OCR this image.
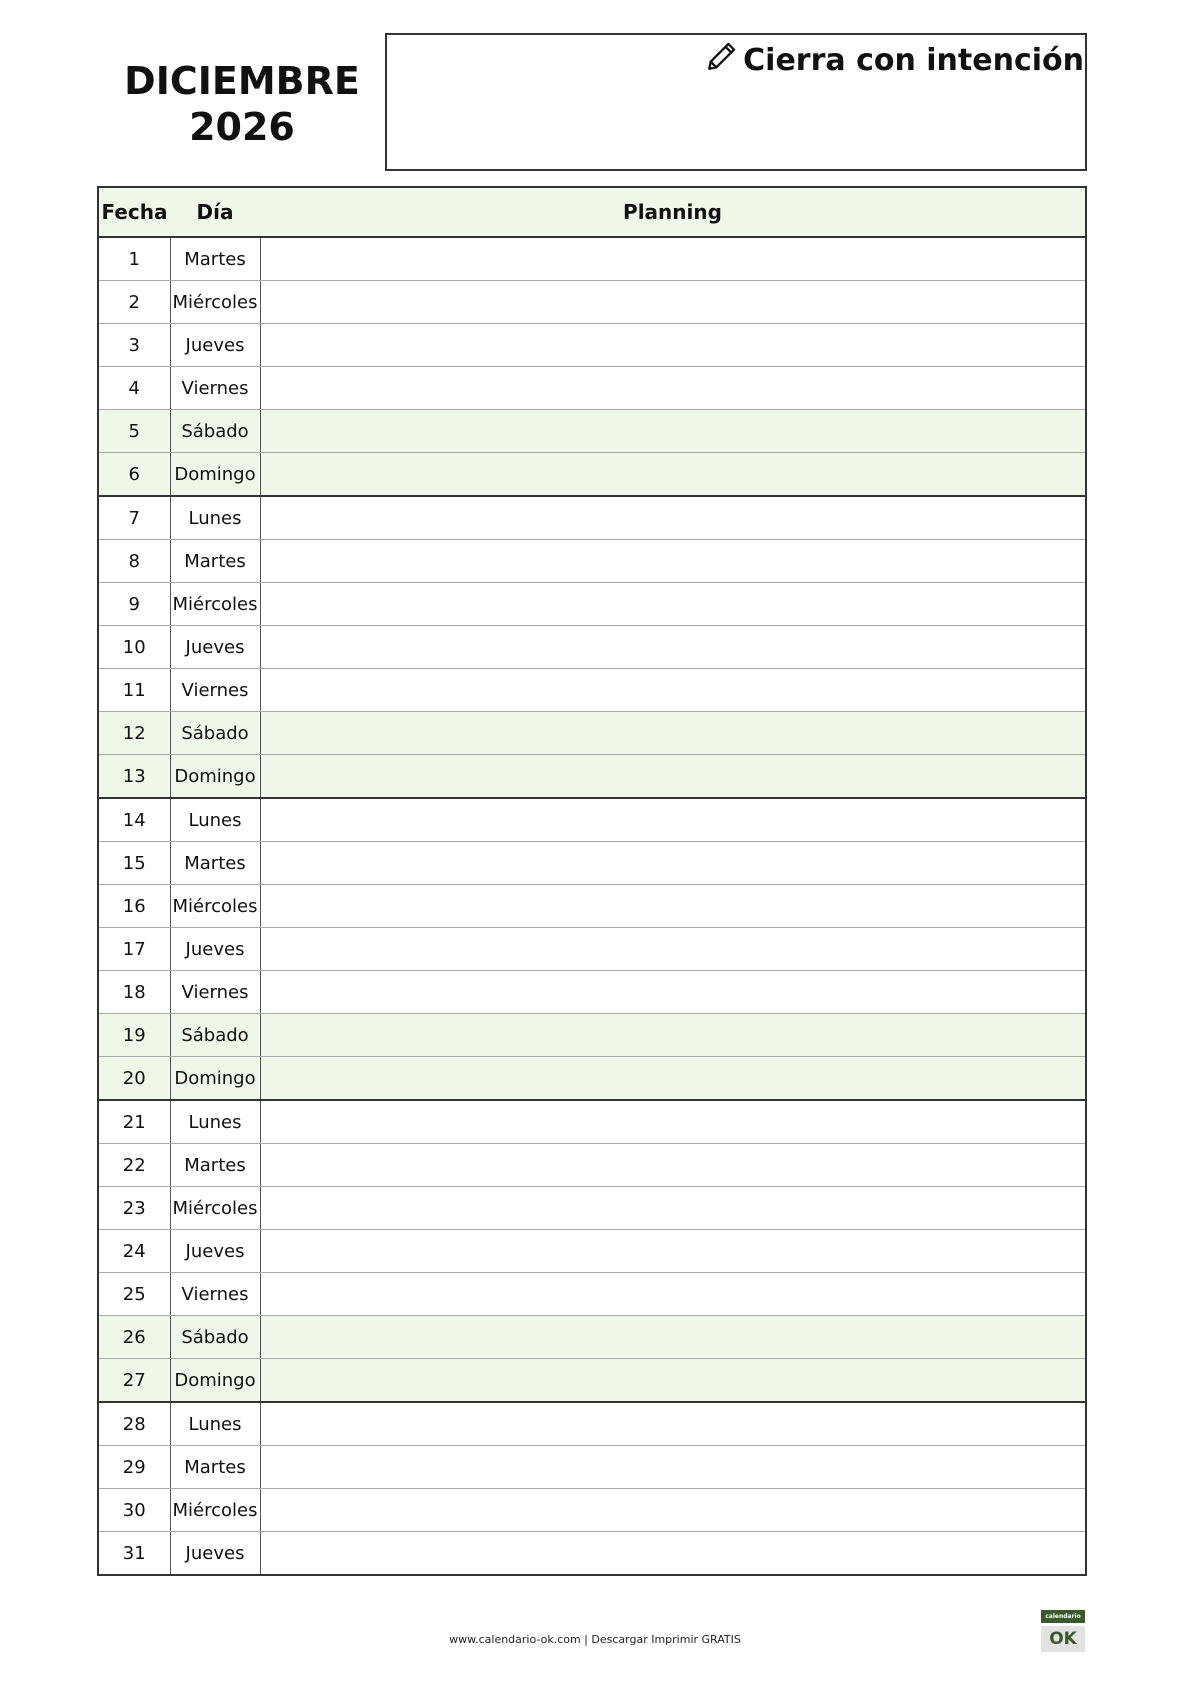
DICIEMBRE
2026
Cierra con intención
Fecha	Día	Planning
1	Martes	
2	Miércoles	
3	Jueves	
4	Viernes	
5	Sábado	
6	Domingo	
7	Lunes	
8	Martes	
9	Miércoles	
10	Jueves	
11	Viernes	
12	Sábado	
13	Domingo	
14	Lunes	
15	Martes	
16	Miércoles	
17	Jueves	
18	Viernes	
19	Sábado	
20	Domingo	
21	Lunes	
22	Martes	
23	Miércoles	
24	Jueves	
25	Viernes	
26	Sábado	
27	Domingo	
28	Lunes	
29	Martes	
30	Miércoles	
31	Jueves	
www.calendario-ok.com | Descargar Imprimir GRATIS
calendario
OK
